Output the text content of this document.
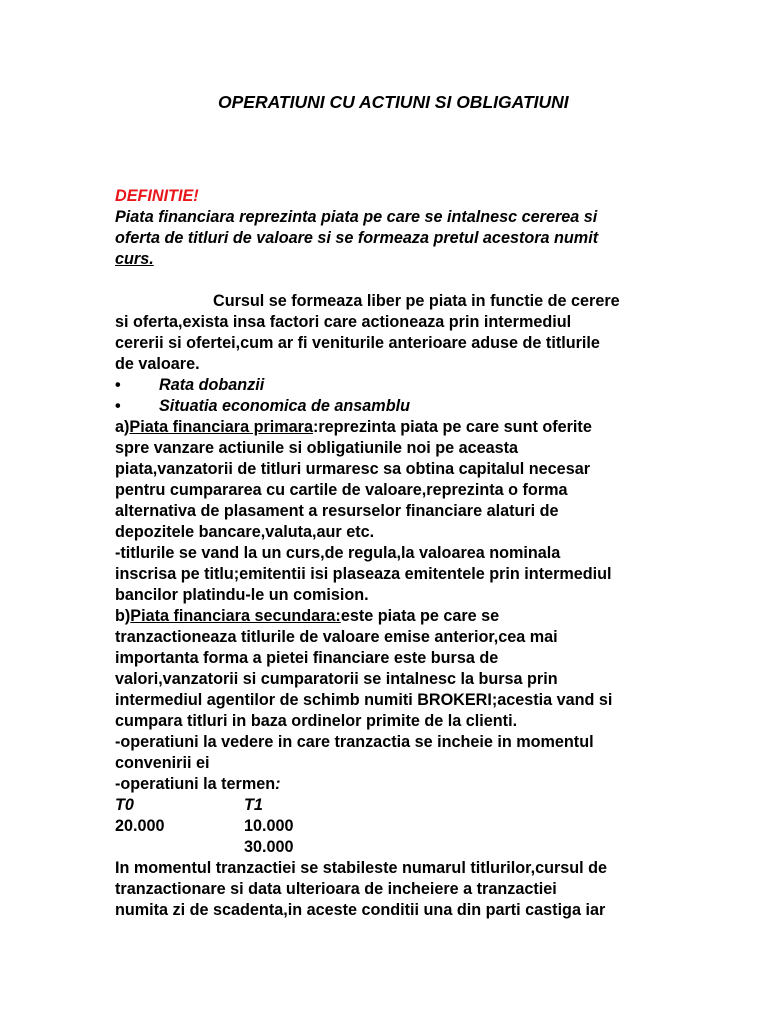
OPERATIUNI CU ACTIUNI SI OBLIGATIUNI
DEFINITIE!
Piata financiara reprezinta piata pe care se intalnesc cererea si
oferta de titluri de valoare si se formeaza pretul acestora numit
curs.
Cursul se formeaza liber pe piata in functie de cerere
si oferta,exista insa factori care actioneaza prin intermediul
cererii si ofertei,cum ar fi veniturile anterioare aduse de titlurile
de valoare.
• Rata dobanzii
• Situatia economica de ansamblu
a)Piata financiara primara:reprezinta piata pe care sunt oferite
spre vanzare actiunile si obligatiunile noi pe aceasta
piata,vanzatorii de titluri urmaresc sa obtina capitalul necesar
pentru cumpararea cu cartile de valoare,reprezinta o forma
alternativa de plasament a resurselor financiare alaturi de
depozitele bancare,valuta,aur etc.
-titlurile se vand la un curs,de regula,la valoarea nominala
inscrisa pe titlu;emitentii isi plaseaza emitentele prin intermediul
bancilor platindu-le un comision.
b)Piata financiara secundara:este piata pe care se
tranzactioneaza titlurile de valoare emise anterior,cea mai
importanta forma a pietei financiare este bursa de
valori,vanzatorii si cumparatorii se intalnesc la bursa prin
intermediul agentilor de schimb numiti BROKERI;acestia vand si
cumpara titluri in baza ordinelor primite de la clienti.
-operatiuni la vedere in care tranzactia se incheie in momentul
convenirii ei
-operatiuni la termen:
T0	T1
20.000	10.000
30.000
In momentul tranzactiei se stabileste numarul titlurilor,cursul de
tranzactionare si data ulterioara de incheiere a tranzactiei
numita zi de scadenta,in aceste conditii una din parti castiga iar
